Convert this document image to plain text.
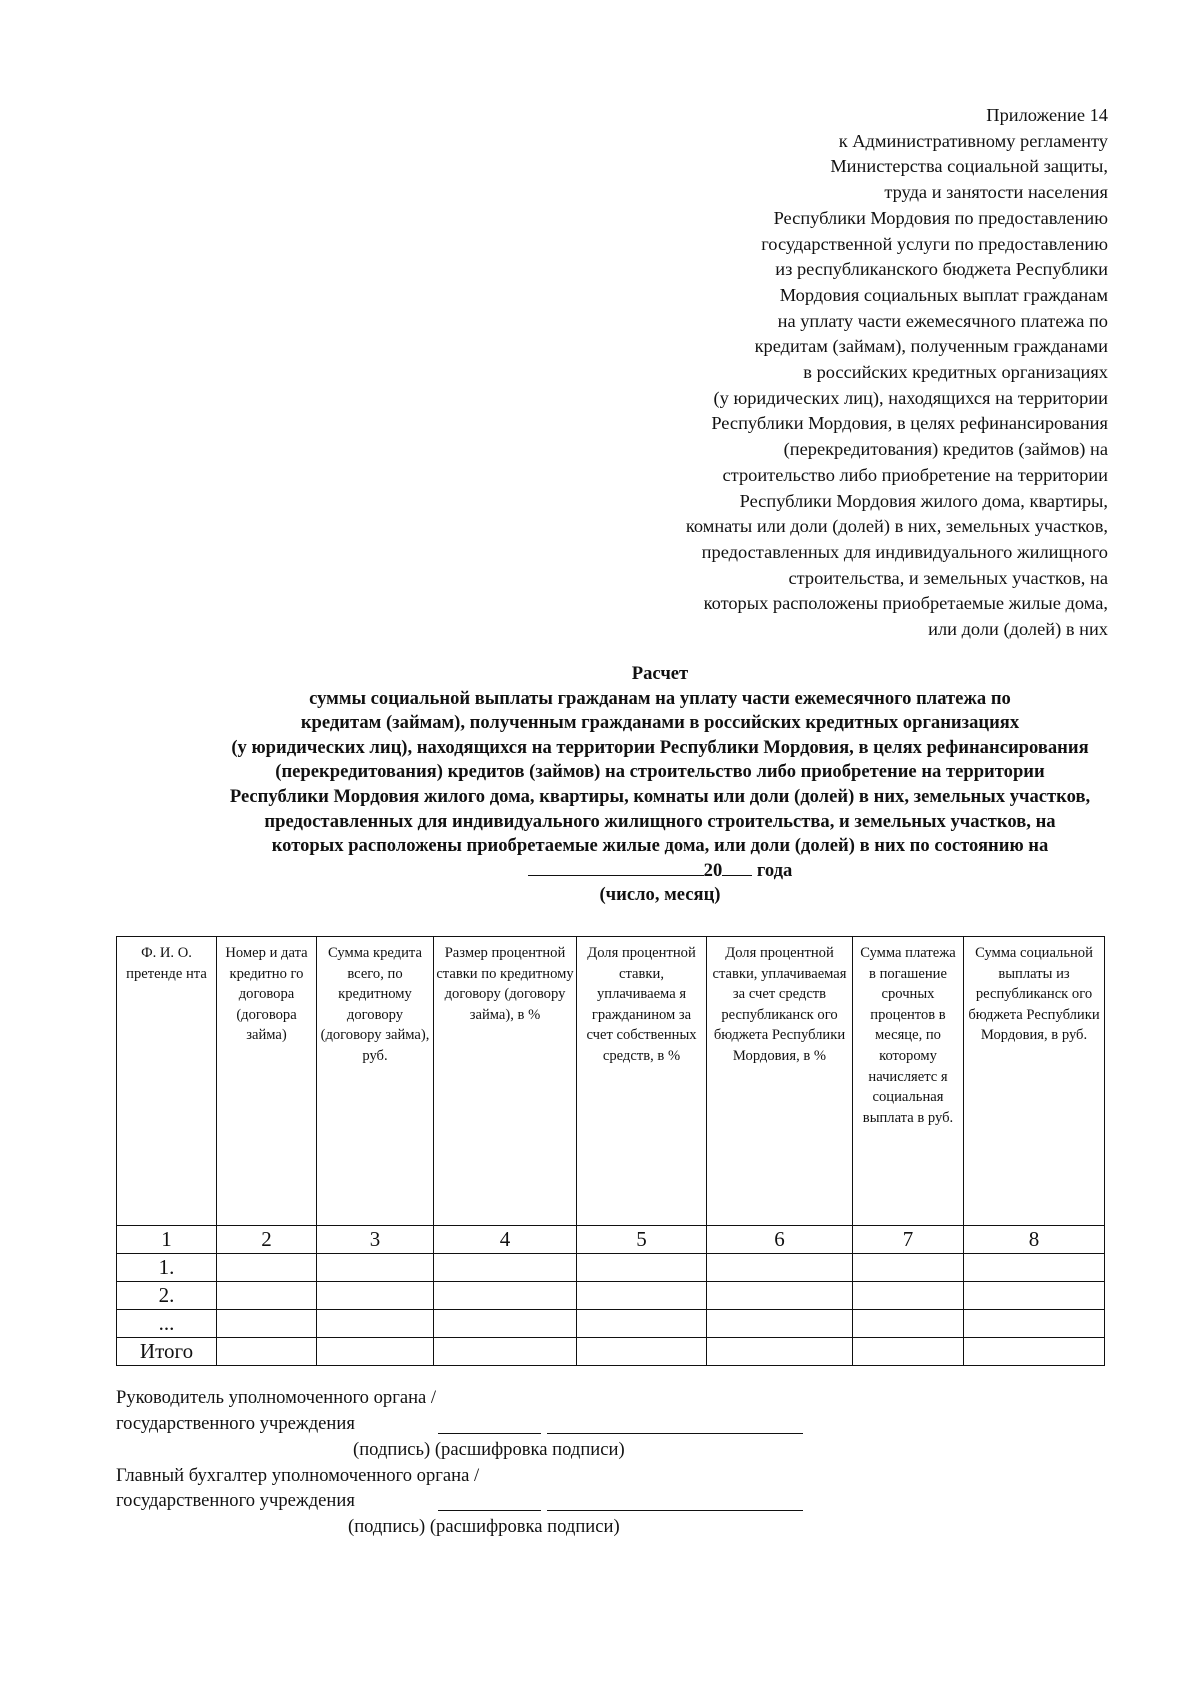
Приложение 14
к Административному регламенту
Министерства социальной защиты,
труда и занятости населения
Республики Мордовия по предоставлению
государственной услуги по предоставлению
из республиканского бюджета Республики
Мордовия социальных выплат гражданам
на уплату части ежемесячного платежа по
кредитам (займам), полученным гражданами
в российских кредитных организациях
(у юридических лиц), находящихся на территории
Республики Мордовия, в целях рефинансирования
(перекредитования) кредитов (займов) на
строительство либо приобретение на территории
Республики Мордовия жилого дома, квартиры,
комнаты или доли (долей) в них, земельных участков,
предоставленных для индивидуального жилищного
строительства, и земельных участков, на
которых расположены приобретаемые жилые дома,
или доли (долей) в них
Расчет
суммы социальной выплаты гражданам на уплату части ежемесячного платежа по
кредитам (займам), полученным гражданами в российских кредитных организациях
(у юридических лиц), находящихся на территории Республики Мордовия, в целях рефинансирования
(перекредитования) кредитов (займов) на строительство либо приобретение на территории
Республики Мордовия жилого дома, квартиры, комнаты или доли (долей) в них, земельных участков,
предоставленных для индивидуального жилищного строительства, и земельных участков, на
которых расположены приобретаемые жилые дома, или доли (долей) в них по состоянию на
20 года
(число, месяц)
Ф. И. О. претенде нта	Номер и дата кредитно го договора (договора займа)	Сумма кредита всего, по кредитному договору (договору займа), руб.	Размер процентной ставки по кредитному договору (договору займа), в %	Доля процентной ставки, уплачиваема я гражданином за счет собственных средств, в %	Доля процентной ставки, уплачиваемая за счет средств республиканск ого бюджета Республики Мордовия, в %	Сумма платежа в погашение срочных процентов в месяце, по которому начисляетс я социальная выплата в руб.	Сумма социальной выплаты из республиканск ого бюджета Республики Мордовия, в руб.
1	2	3	4	5	6	7	8
1.							
2.							
...							
Итого							
Руководитель уполномоченного органа /
государственного учреждения
(подпись) (расшифровка подписи)
Главный бухгалтер уполномоченного органа /
государственного учреждения
(подпись) (расшифровка подписи)
